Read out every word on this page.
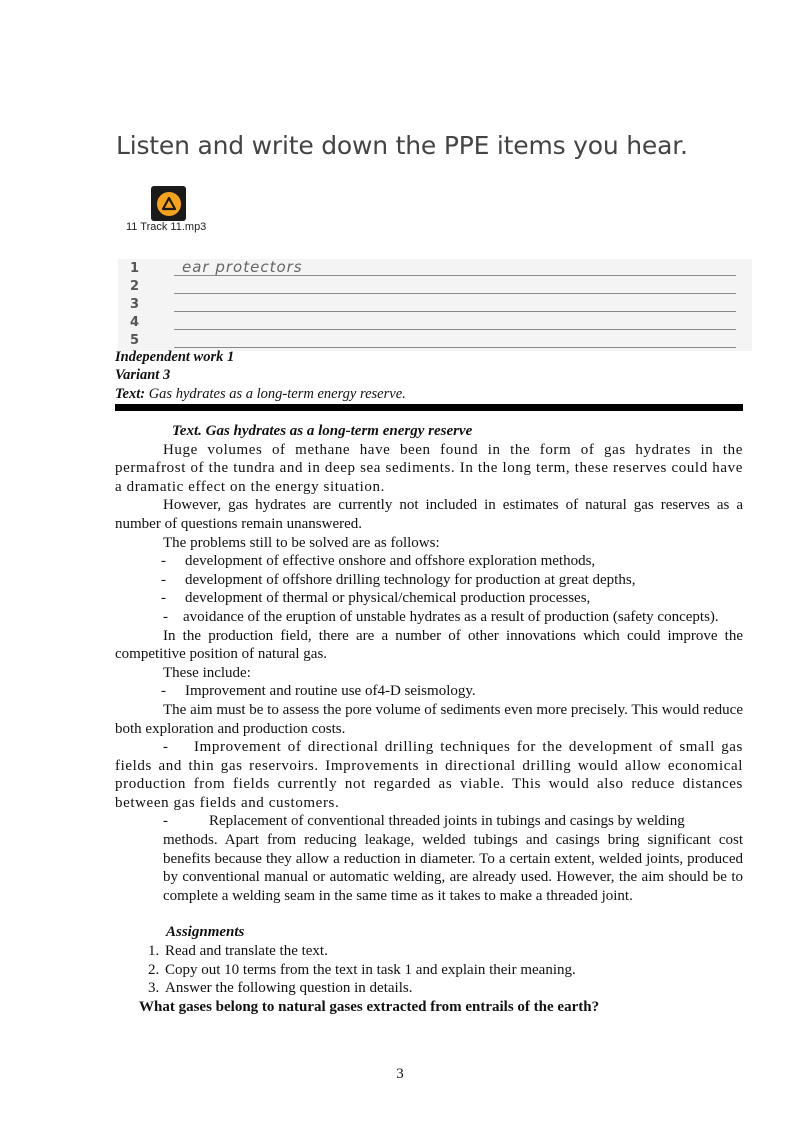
Listen and write down the PPE items you hear.
11 Track 11.mp3
1	ear protectors
2
3
4
5
Independent work 1
Variant 3
Text: Gas hydrates as a long-term energy reserve.

Text. Gas hydrates as a long-term energy reserve

Huge volumes of methane have been found in the form of gas hydrates in the permafrost of the tundra and in deep sea sediments. In the long term, these reserves could have a dramatic effect on the energy situation.

However, gas hydrates are currently not included in estimates of natural gas reserves as a number of questions remain unanswered.

The problems still to be solved are as follows:

-	development of effective onshore and offshore exploration methods,
-	development of offshore drilling technology for production at great depths,
-	development of thermal or physical/chemical production processes,

-    avoidance of the eruption of unstable hydrates as a result of production (safety concepts).

In the production field, there are a number of other innovations which could improve the competitive position of natural gas.

These include:

-	Improvement and routine use of4-D seismology.

The aim must be to assess the pore volume of sediments even more precisely. This would reduce both exploration and production costs.

-    Improvement of directional drilling techniques for the development of small gas fields and thin gas reservoirs. Improvements in directional drilling would allow economical production from fields currently not regarded as viable. This would also reduce distances between gas fields and customers.

-	Replacement of conventional threaded joints in tubings and casings by welding
methods. Apart from reducing leakage, welded tubings and casings bring significant cost benefits because they allow a reduction in diameter. To a certain extent, welded joints, produced by conventional manual or automatic welding, are already used. However, the aim should be to complete a welding seam in the same time as it takes to make a threaded joint.

Assignments

1. Read and translate the text.
2. Copy out 10 terms from the text in task 1 and explain their meaning.
3. Answer the following question in details.

What gases belong to natural gases extracted from entrails of the earth?

3
